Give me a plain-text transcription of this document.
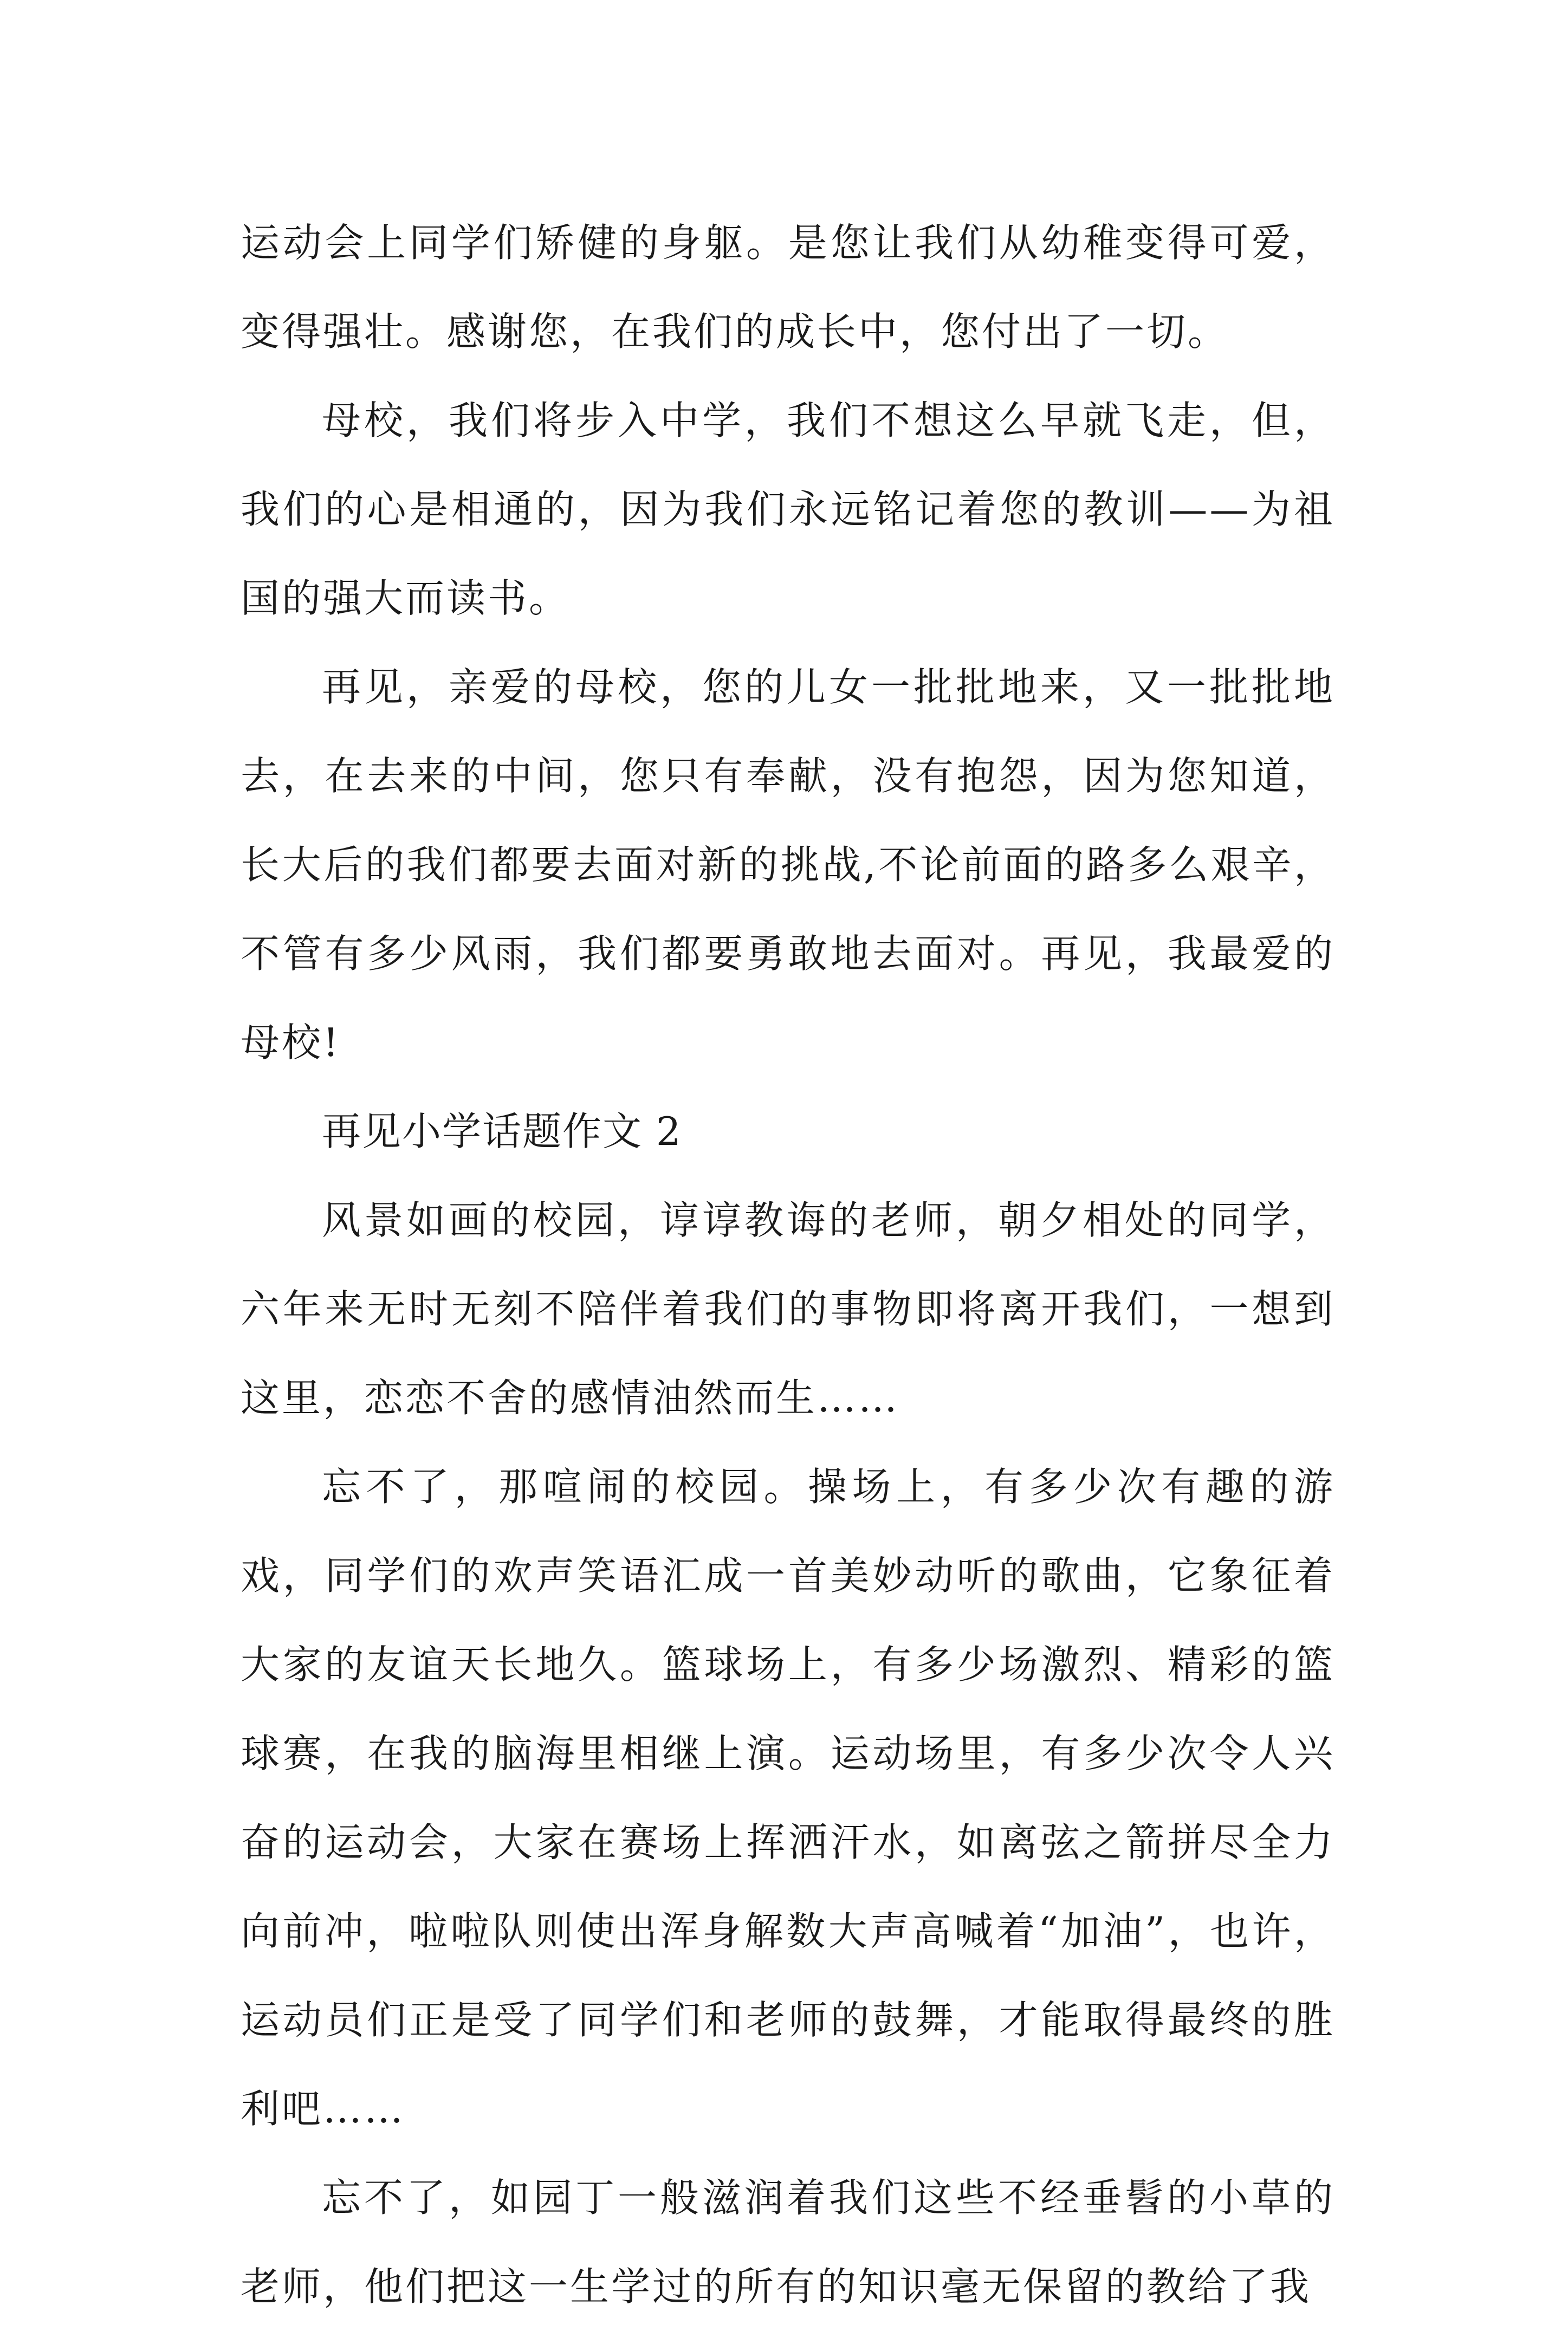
运动会上同学们矫健的身躯。是您让我们从幼稚变得可爱，变得强壮。感谢您，在我们的成长中，您付出了一切。

母校，我们将步入中学，我们不想这么早就飞走，但，我们的心是相通的，因为我们永远铭记着您的教训——为祖国的强大而读书。

再见，亲爱的母校，您的儿女一批批地来，又一批批地去，在去来的中间，您只有奉献，没有抱怨，因为您知道，长大后的我们都要去面对新的挑战,不论前面的路多么艰辛，不管有多少风雨，我们都要勇敢地去面对。再见，我最爱的母校!

再见小学话题作文 2

风景如画的校园，谆谆教诲的老师，朝夕相处的同学，六年来无时无刻不陪伴着我们的事物即将离开我们，一想到这里，恋恋不舍的感情油然而生……

忘不了，那喧闹的校园。操场上，有多少次有趣的游戏，同学们的欢声笑语汇成一首美妙动听的歌曲，它象征着大家的友谊天长地久。篮球场上，有多少场激烈、精彩的篮球赛，在我的脑海里相继上演。运动场里，有多少次令人兴奋的运动会，大家在赛场上挥洒汗水，如离弦之箭拼尽全力向前冲，啦啦队则使出浑身解数大声高喊着“加油”，也许，运动员们正是受了同学们和老师的鼓舞，才能取得最终的胜利吧……

忘不了，如园丁一般滋润着我们这些不经垂髫的小草的老师，他们把这一生学过的所有的知识毫无保留的教给了我
